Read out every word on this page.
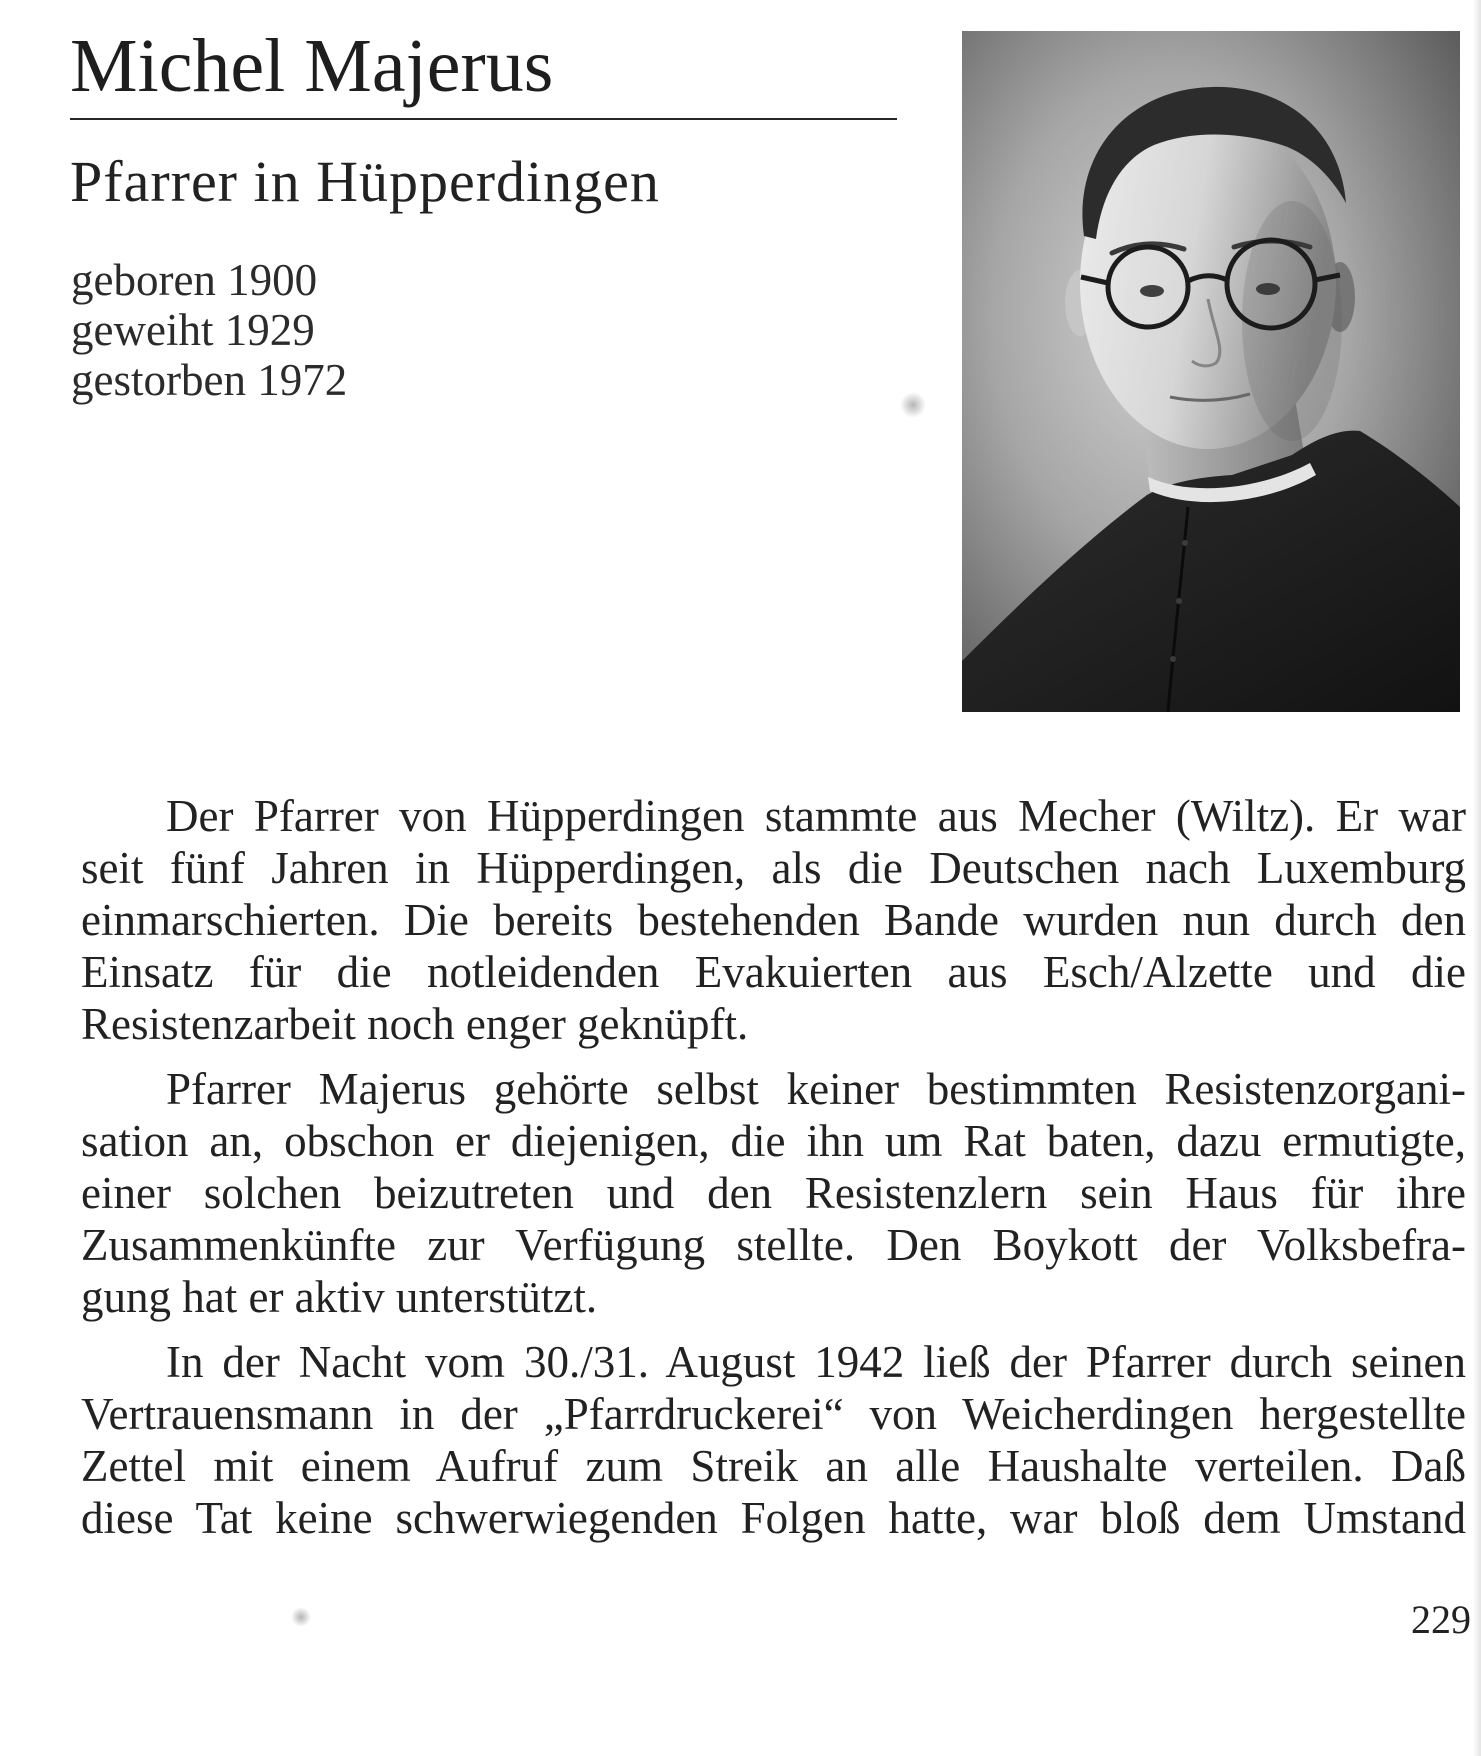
Michel Majerus
Pfarrer in Hüpperdingen
geboren 1900
geweiht 1929
gestorben 1972
Der Pfarrer von Hüpperdingen stammte aus Mecher (Wiltz). Er war
seit fünf Jahren in Hüpperdingen, als die Deutschen nach Luxemburg
einmarschierten. Die bereits bestehenden Bande wurden nun durch den
Einsatz für die notleidenden Evakuierten aus Esch/Alzette und die
Resistenzarbeit noch enger geknüpft.
Pfarrer Majerus gehörte selbst keiner bestimmten Resistenzorgani-
sation an, obschon er diejenigen, die ihn um Rat baten, dazu ermutigte,
einer solchen beizutreten und den Resistenzlern sein Haus für ihre
Zusammenkünfte zur Verfügung stellte. Den Boykott der Volksbefra-
gung hat er aktiv unterstützt.
In der Nacht vom 30./31. August 1942 ließ der Pfarrer durch seinen
Vertrauensmann in der „Pfarrdruckerei“ von Weicherdingen hergestellte
Zettel mit einem Aufruf zum Streik an alle Haushalte verteilen. Daß
diese Tat keine schwerwiegenden Folgen hatte, war bloß dem Umstand
229
